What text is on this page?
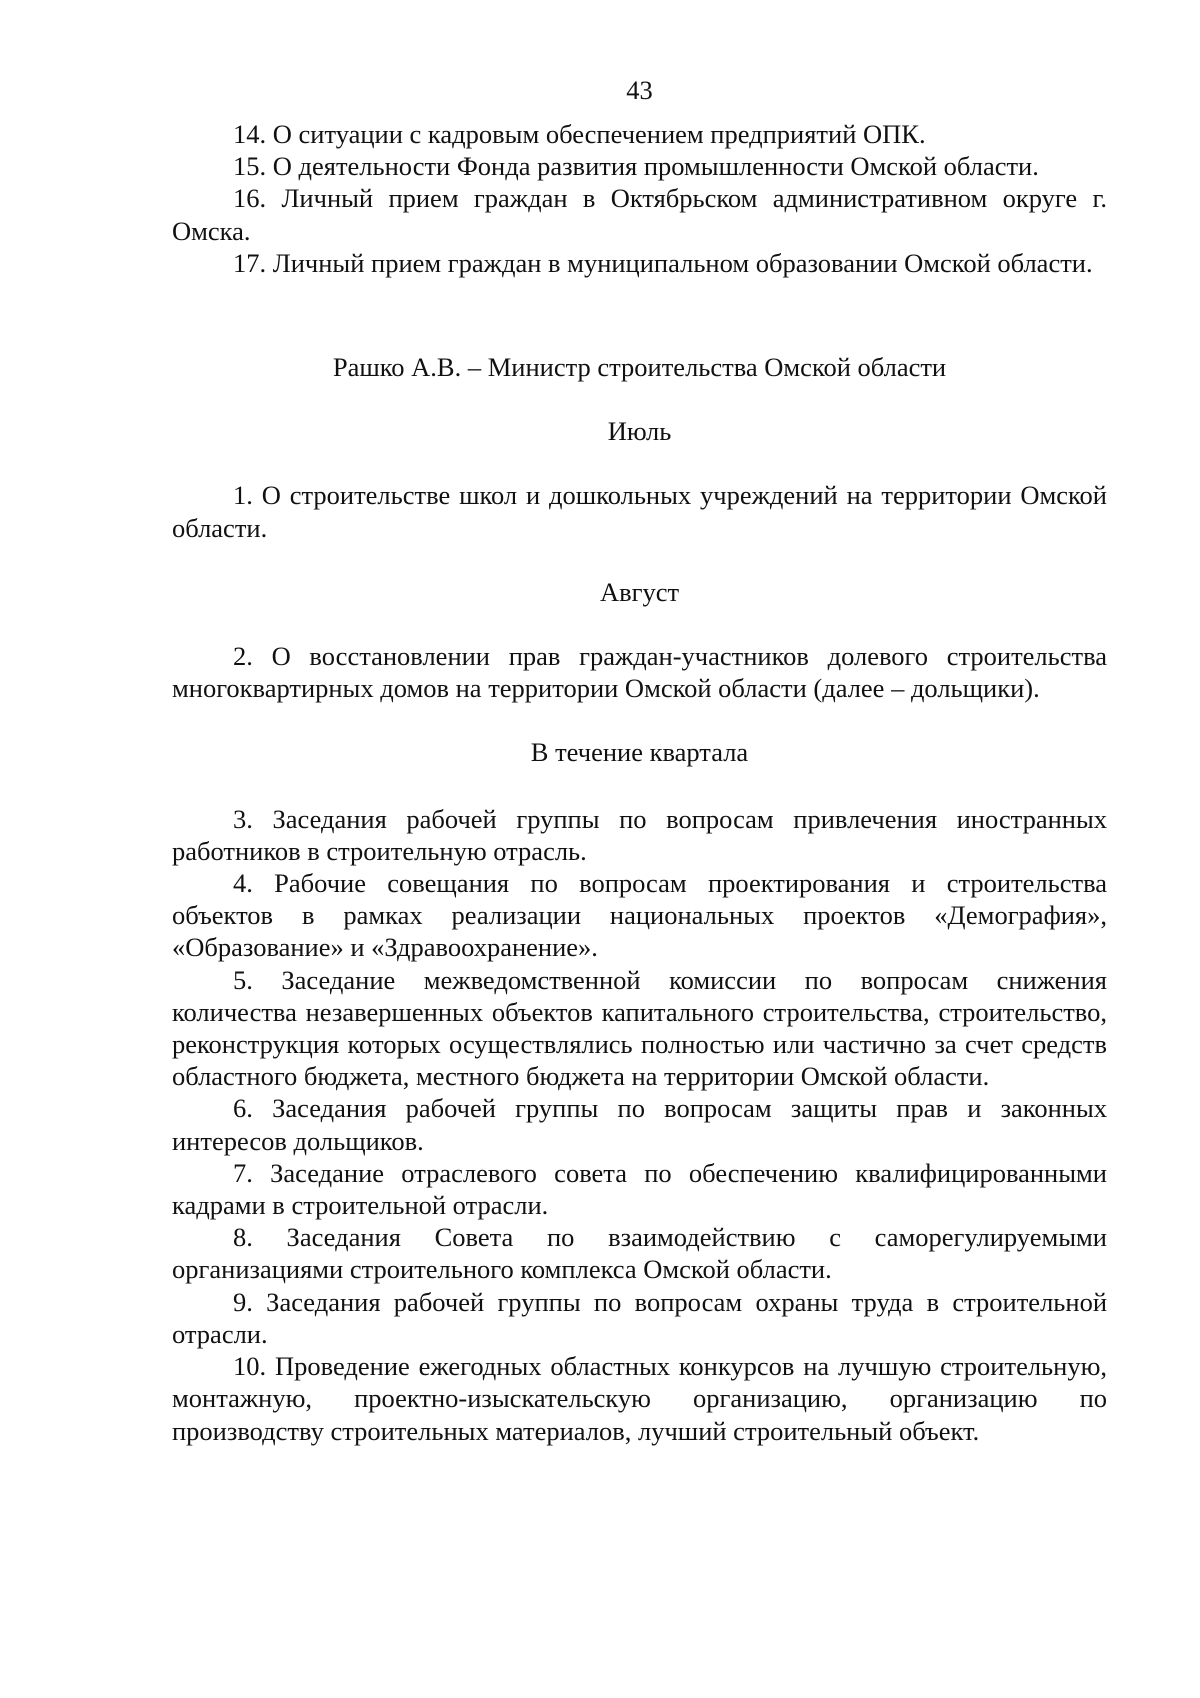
43

14. О ситуации с кадровым обеспечением предприятий ОПК.

15. О деятельности Фонда развития промышленности Омской области.

16. Личный прием граждан в Октябрьском административном округе г. Омска.

17. Личный прием граждан в муниципальном образовании Омской области.

Рашко А.В. – Министр строительства Омской области

Июль

1. О строительстве школ и дошкольных учреждений на территории Омской области.

Август

2. О восстановлении прав граждан-участников долевого строительства многоквартирных домов на территории Омской области (далее – дольщики).

В течение квартала

3. Заседания рабочей группы по вопросам привлечения иностранных работников в строительную отрасль.

4. Рабочие совещания по вопросам проектирования и строительства объектов в рамках реализации национальных проектов «Демография», «Образование» и «Здравоохранение».

5. Заседание межведомственной комиссии по вопросам снижения количества незавершенных объектов капитального строительства, строительство, реконструкция которых осуществлялись полностью или частично за счет средств областного бюджета, местного бюджета на территории Омской области.

6. Заседания рабочей группы по вопросам защиты прав и законных интересов дольщиков.

7. Заседание отраслевого совета по обеспечению квалифицированными кадрами в строительной отрасли.

8. Заседания Совета по взаимодействию с саморегулируемыми организациями строительного комплекса Омской области.

9. Заседания рабочей группы по вопросам охраны труда в строительной отрасли.

10. Проведение ежегодных областных конкурсов на лучшую строительную, монтажную, проектно-изыскательскую организацию, организацию по производству строительных материалов, лучший строительный объект.
